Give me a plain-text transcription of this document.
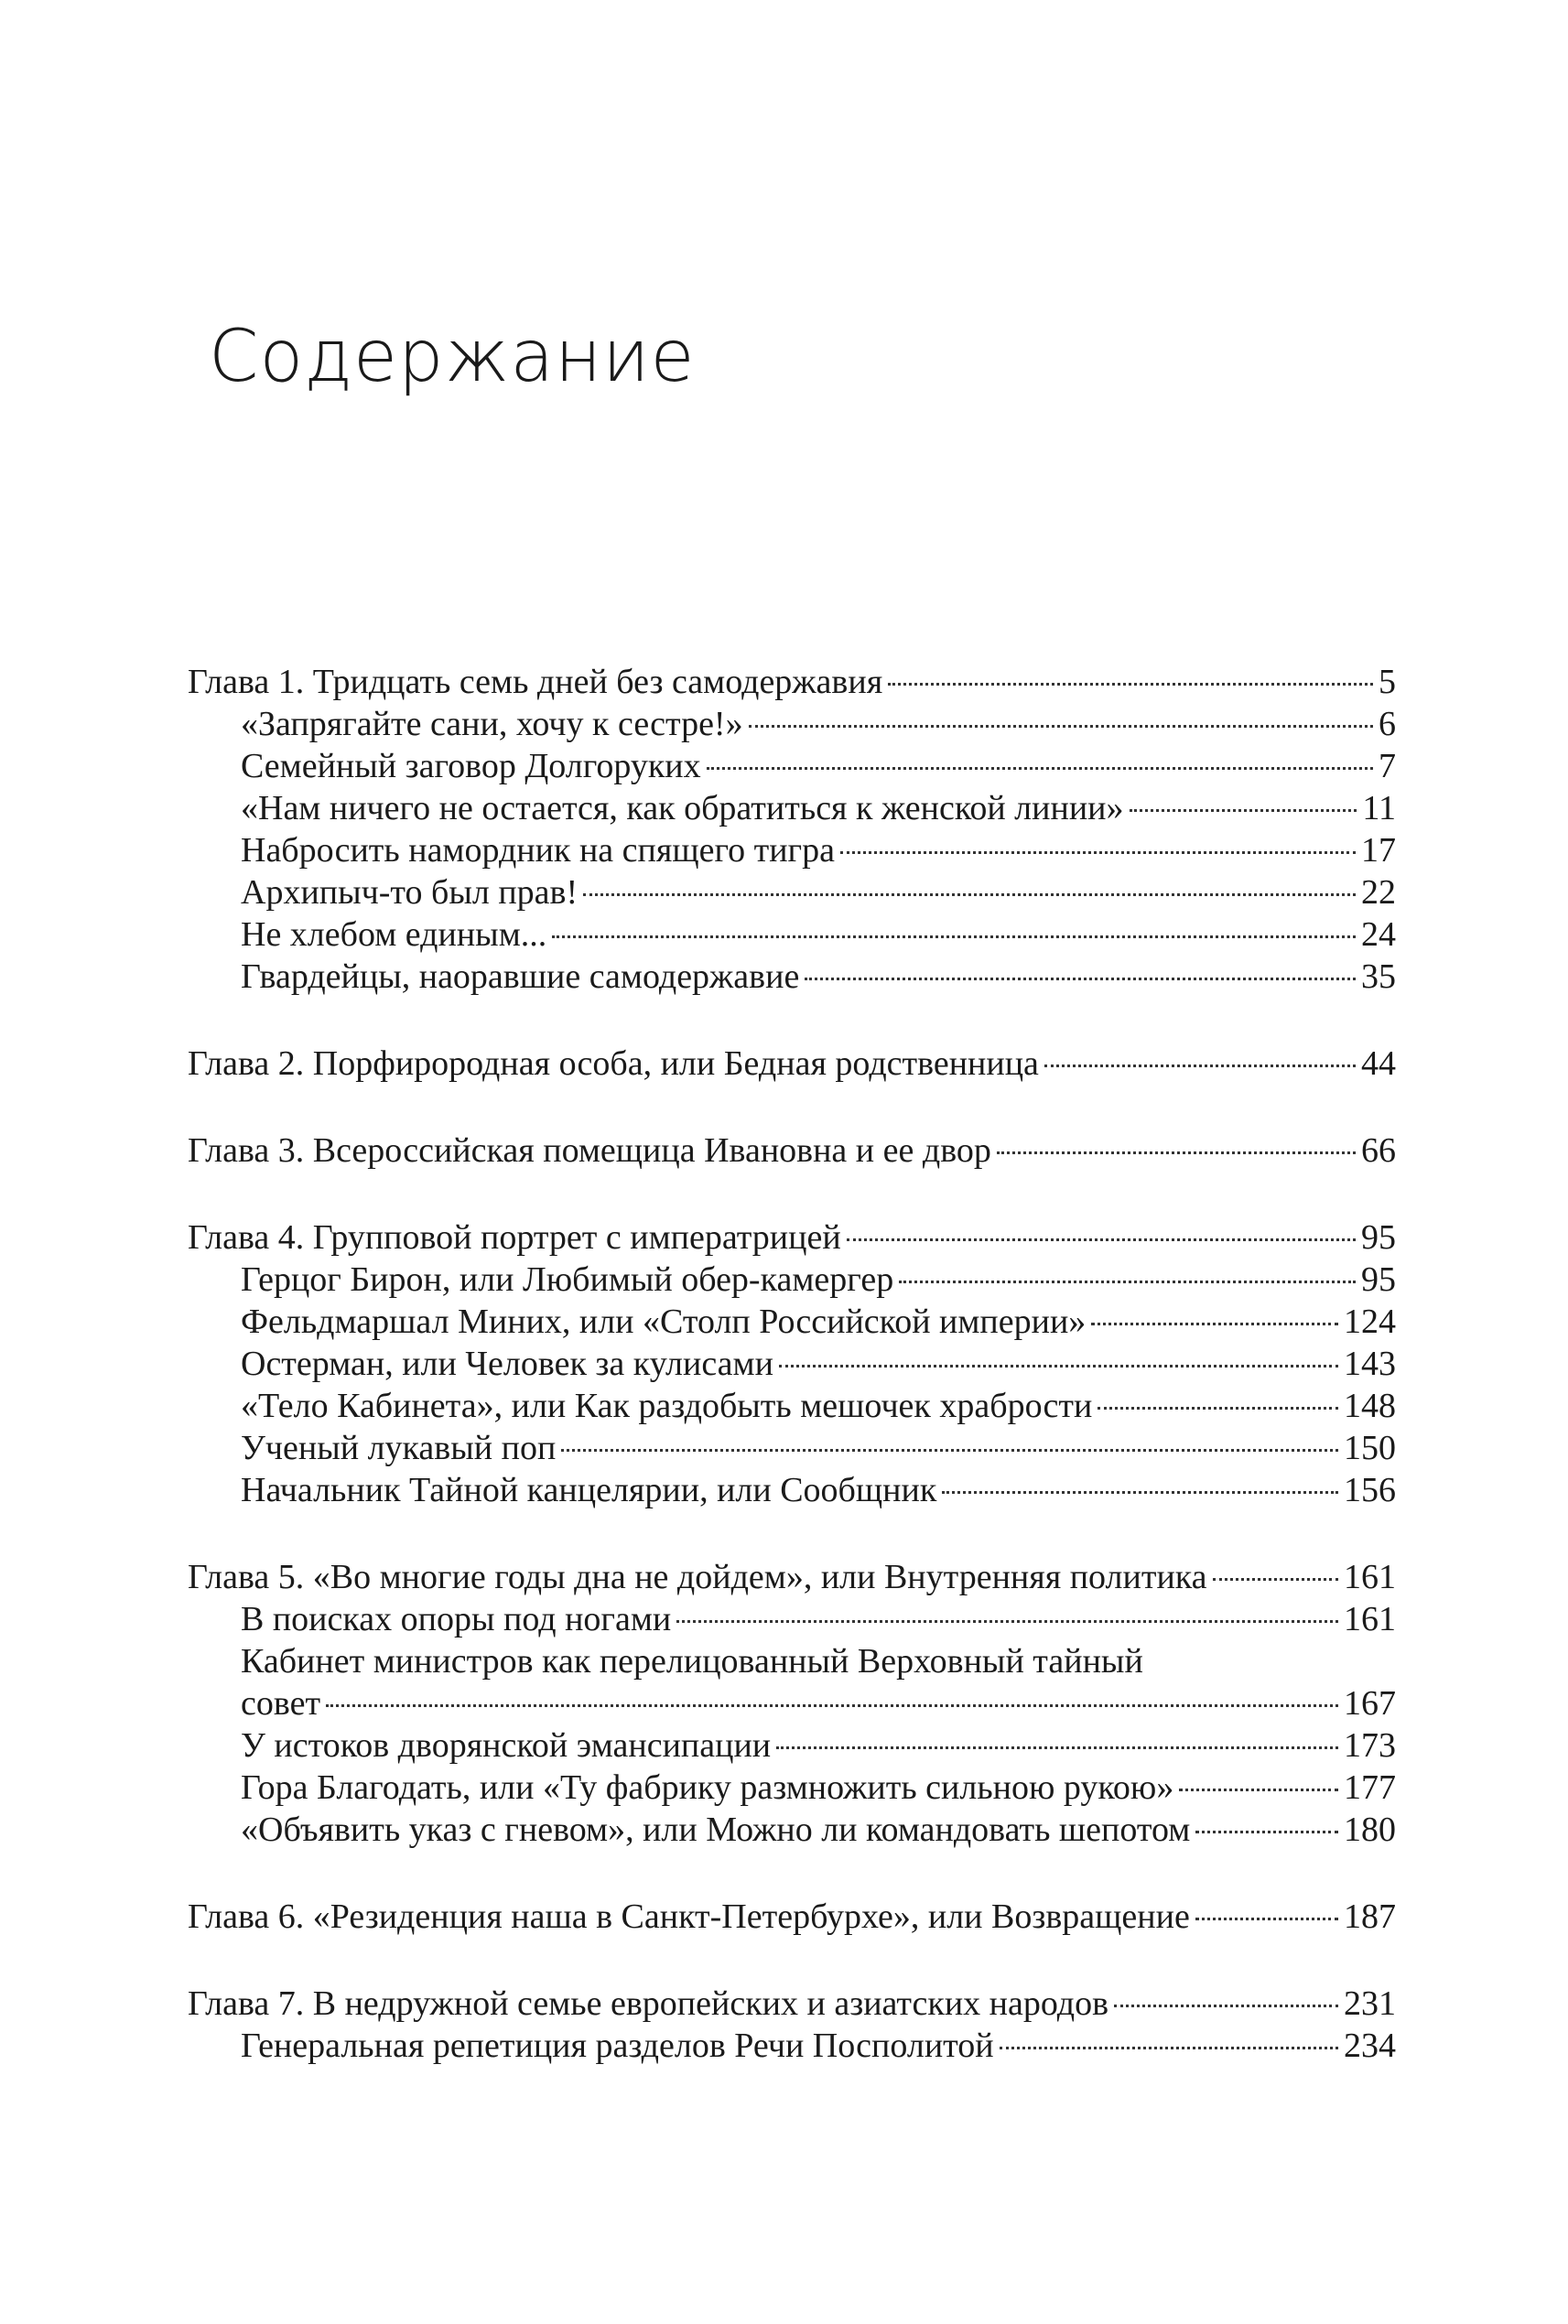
Содержание
Глава 1. Тридцать семь дней без самодержавия	5
«Запрягайте сани, хочу к сестре!»	6
Семейный заговор Долгоруких	7
«Нам ничего не остается, как обратиться к женской линии»	11
Набросить намордник на спящего тигра	17
Архипыч-то был прав!	22
Не хлебом единым...	24
Гвардейцы, наоравшие самодержавие	35
Глава 2. Порфирородная особа, или Бедная родственница	44
Глава 3. Всероссийская помещица Ивановна и ее двор	66
Глава 4. Групповой портрет с императрицей	95
Герцог Бирон, или Любимый обер-камергер	95
Фельдмаршал Миних, или «Столп Российской империи»	124
Остерман, или Человек за кулисами	143
«Тело Кабинета», или Как раздобыть мешочек храбрости	148
Ученый лукавый поп	150
Начальник Тайной канцелярии, или Сообщник	156
Глава 5. «Во многие годы дна не дойдем», или Внутренняя политика	161
В поисках опоры под ногами	161
Кабинет министров как перелицованный Верховный тайный
совет	167
У истоков дворянской эмансипации	173
Гора Благодать, или «Ту фабрику размножить сильною рукою»	177
«Объявить указ с гневом», или Можно ли командовать шепотом	180
Глава 6. «Резиденция наша в Санкт-Петербурхе», или Возвращение	187
Глава 7. В недружной семье европейских и азиатских народов	231
Генеральная репетиция разделов Речи Посполитой	234
